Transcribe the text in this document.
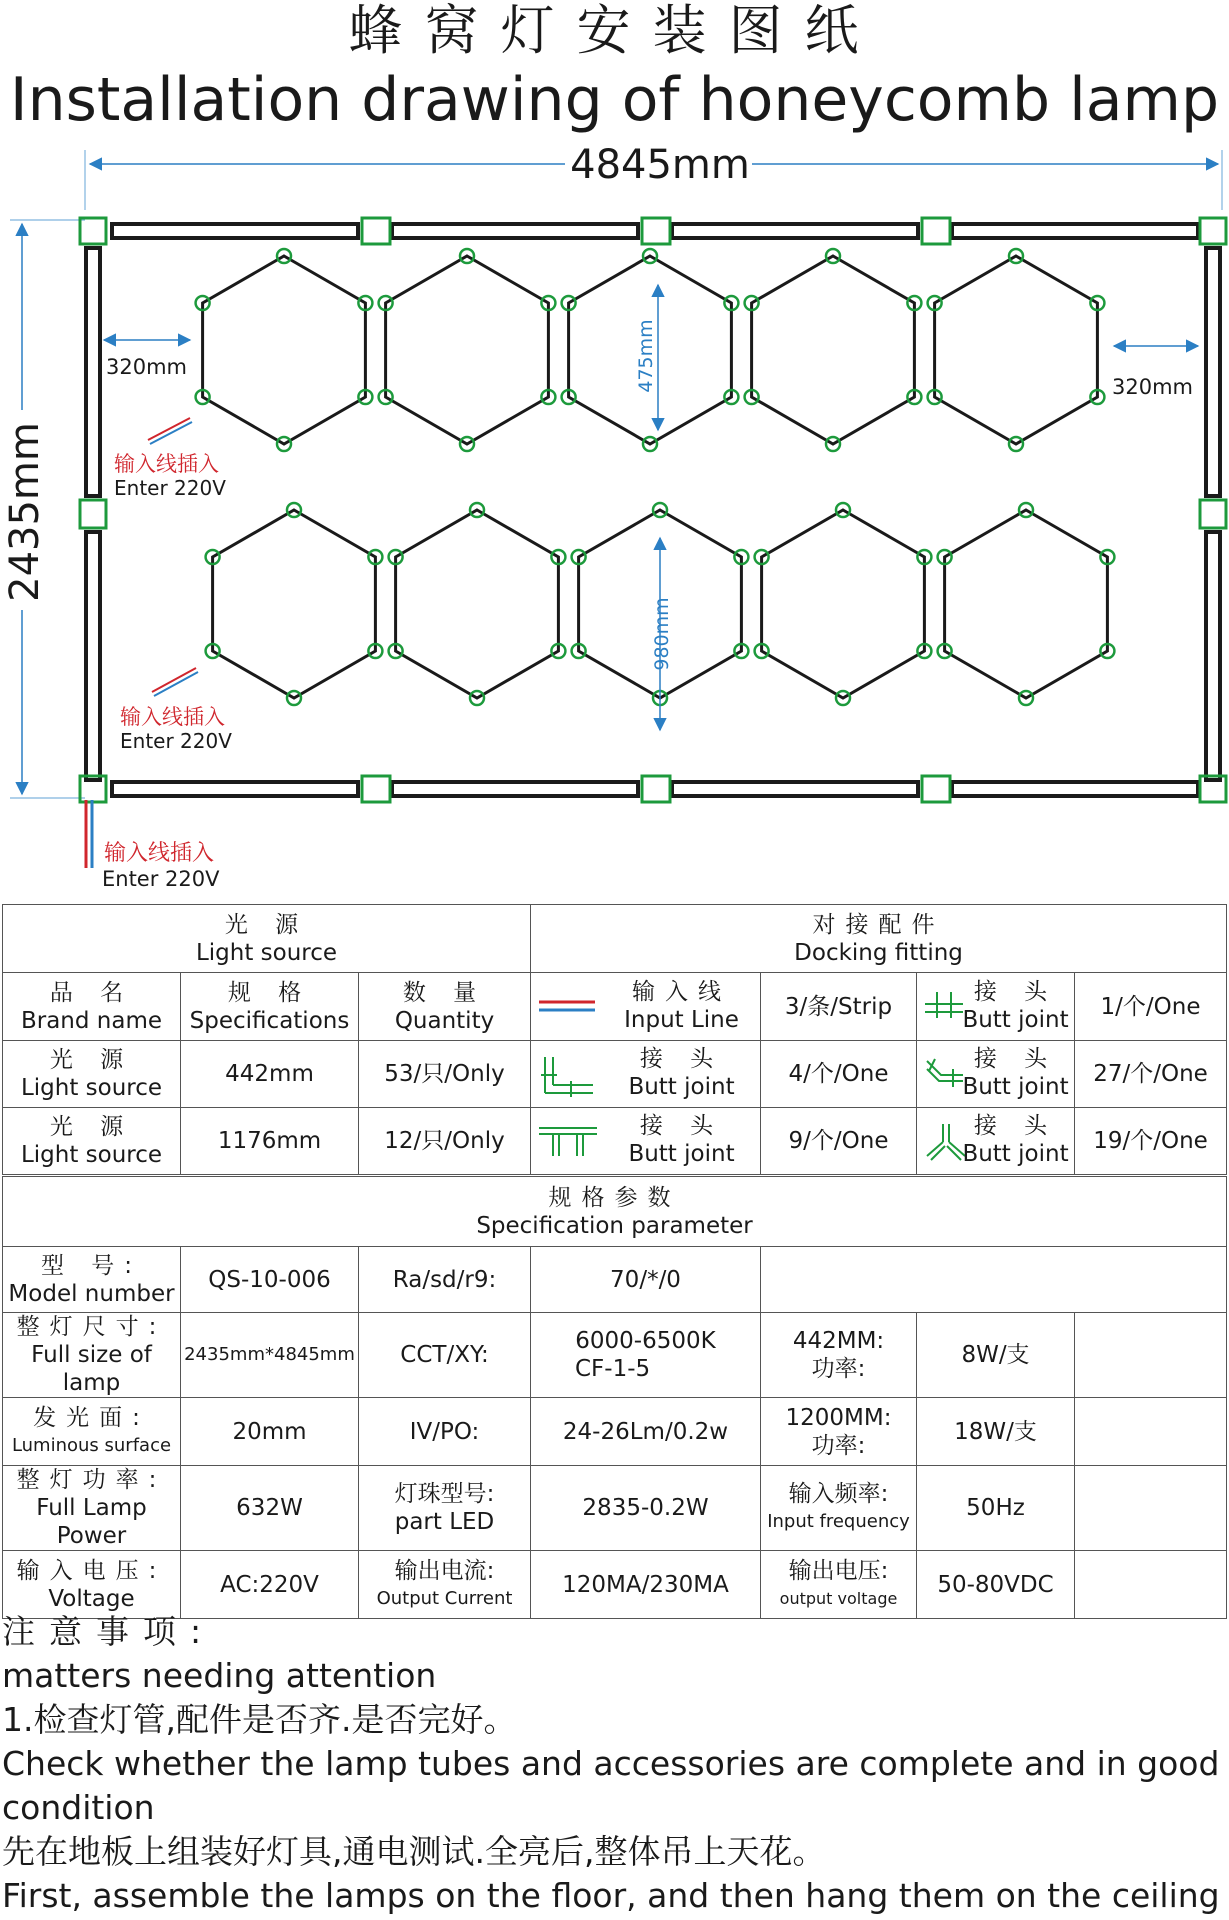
蜂窝灯安装图纸
Installation drawing of honeycomb lamp
4845mm
2435mm
320mm
320mm
475mm
980mm
输入线插入
Enter 220V
输入线插入
Enter 220V
输入线插入
Enter 220V
光 源
Light source			对接配件
Docking fitting			

品 名
Brand name	规 格
Specifications	数 量
Quantity	输入线
Input Line	3/条/Strip	接 头
Butt joint	1/个/One

光 源
Light source	442mm	53/只/Only	接 头
Butt joint	4/个/One	接 头
Butt joint	27/个/One

光 源
Light source	1176mm	12/只/Only	接 头
Butt joint	9/个/One	接 头
Butt joint	19/个/One
规格参数
Specification parameter						

型 号:
Model number	QS-10-006	Ra/sd/r9:	70/*/0			

整灯尺寸:
Full size of lamp	2435mm*4845mm	CCT/XY:	6000-6500K
CF-1-5	442MM:
功率:	8W/支	

发光面:
Luminous surface	20mm	IV/PO:	24-26Lm/0.2w	1200MM:
功率:	18W/支	

整灯功率:
Full Lamp Power	632W	灯珠型号:
part LED	2835-0.2W	输入频率:
Input frequency	50Hz	

输入电压:
Voltage	AC:220V	输出电流:
Output Current	120MA/230MA	输出电压:
output voltage	50-80VDC	
注意事项:
matters needing attention
1.检查灯管,配件是否齐.是否完好。
Check whether the lamp tubes and accessories are complete and in good condition
先在地板上组装好灯具,通电测试.全亮后,整体吊上天花。
First, assemble the lamps on the floor, and then hang them on the ceiling
